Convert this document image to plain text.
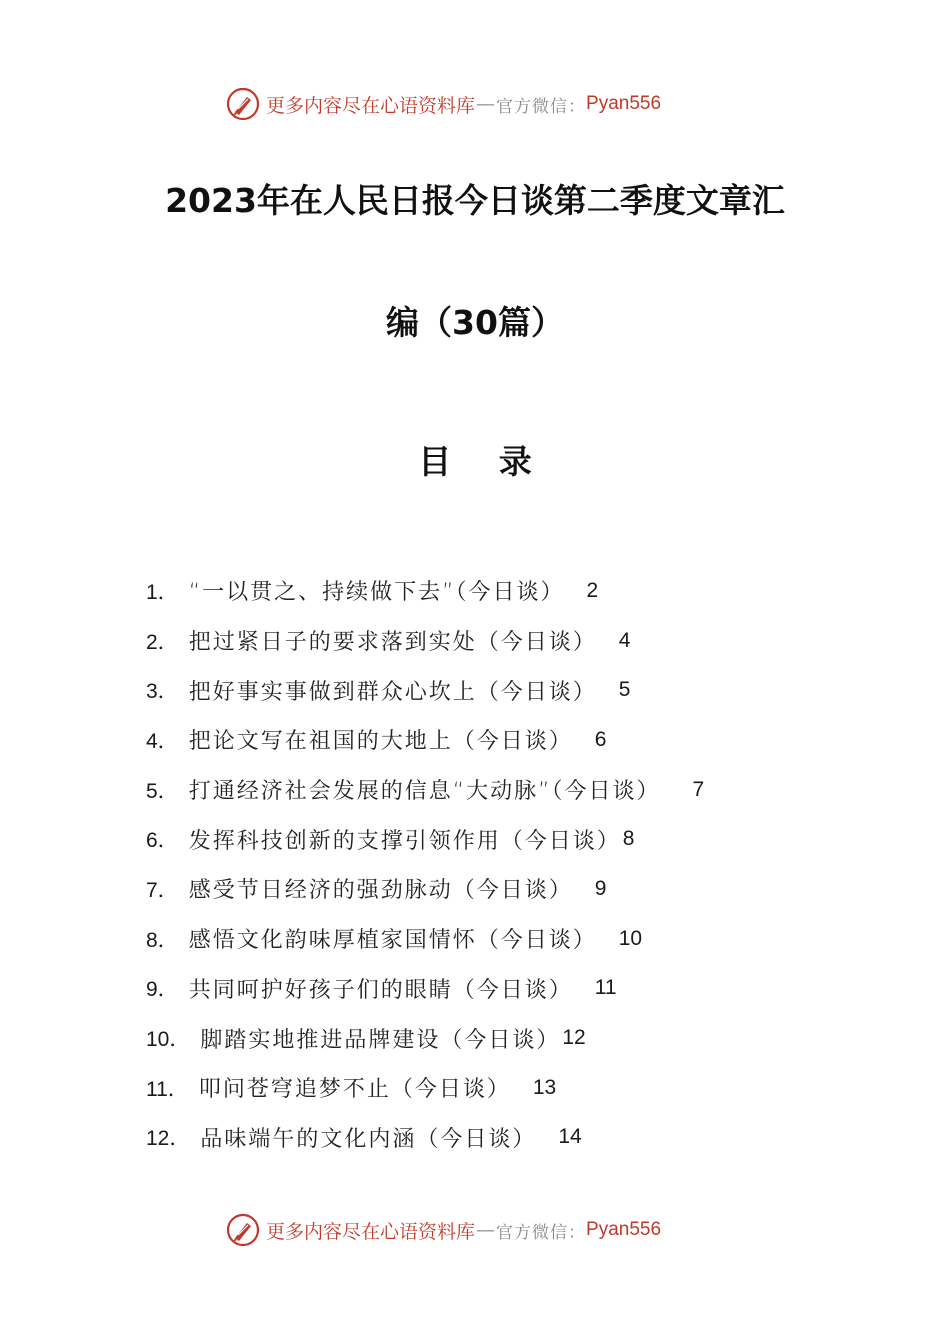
更多内容尽在心语资料库 — 官方微信： Pyan556
2023年在人民日报今日谈第二季度文章汇
编（30篇）
目 录
1． “一以贯之、持续做下去”（今日谈） 2
2． 把过紧日子的要求落到实处（今日谈） 4
3． 把好事实事做到群众心坎上（今日谈） 5
4． 把论文写在祖国的大地上（今日谈） 6
5． 打通经济社会发展的信息“大动脉”（今日谈） 7
6． 发挥科技创新的支撑引领作用（今日谈） 8
7． 感受节日经济的强劲脉动（今日谈） 9
8． 感悟文化韵味厚植家国情怀（今日谈） 10
9． 共同呵护好孩子们的眼睛（今日谈） 11
10． 脚踏实地推进品牌建设（今日谈） 12
11． 叩问苍穹追梦不止（今日谈） 13
12． 品味端午的文化内涵（今日谈） 14
更多内容尽在心语资料库 — 官方微信： Pyan556
